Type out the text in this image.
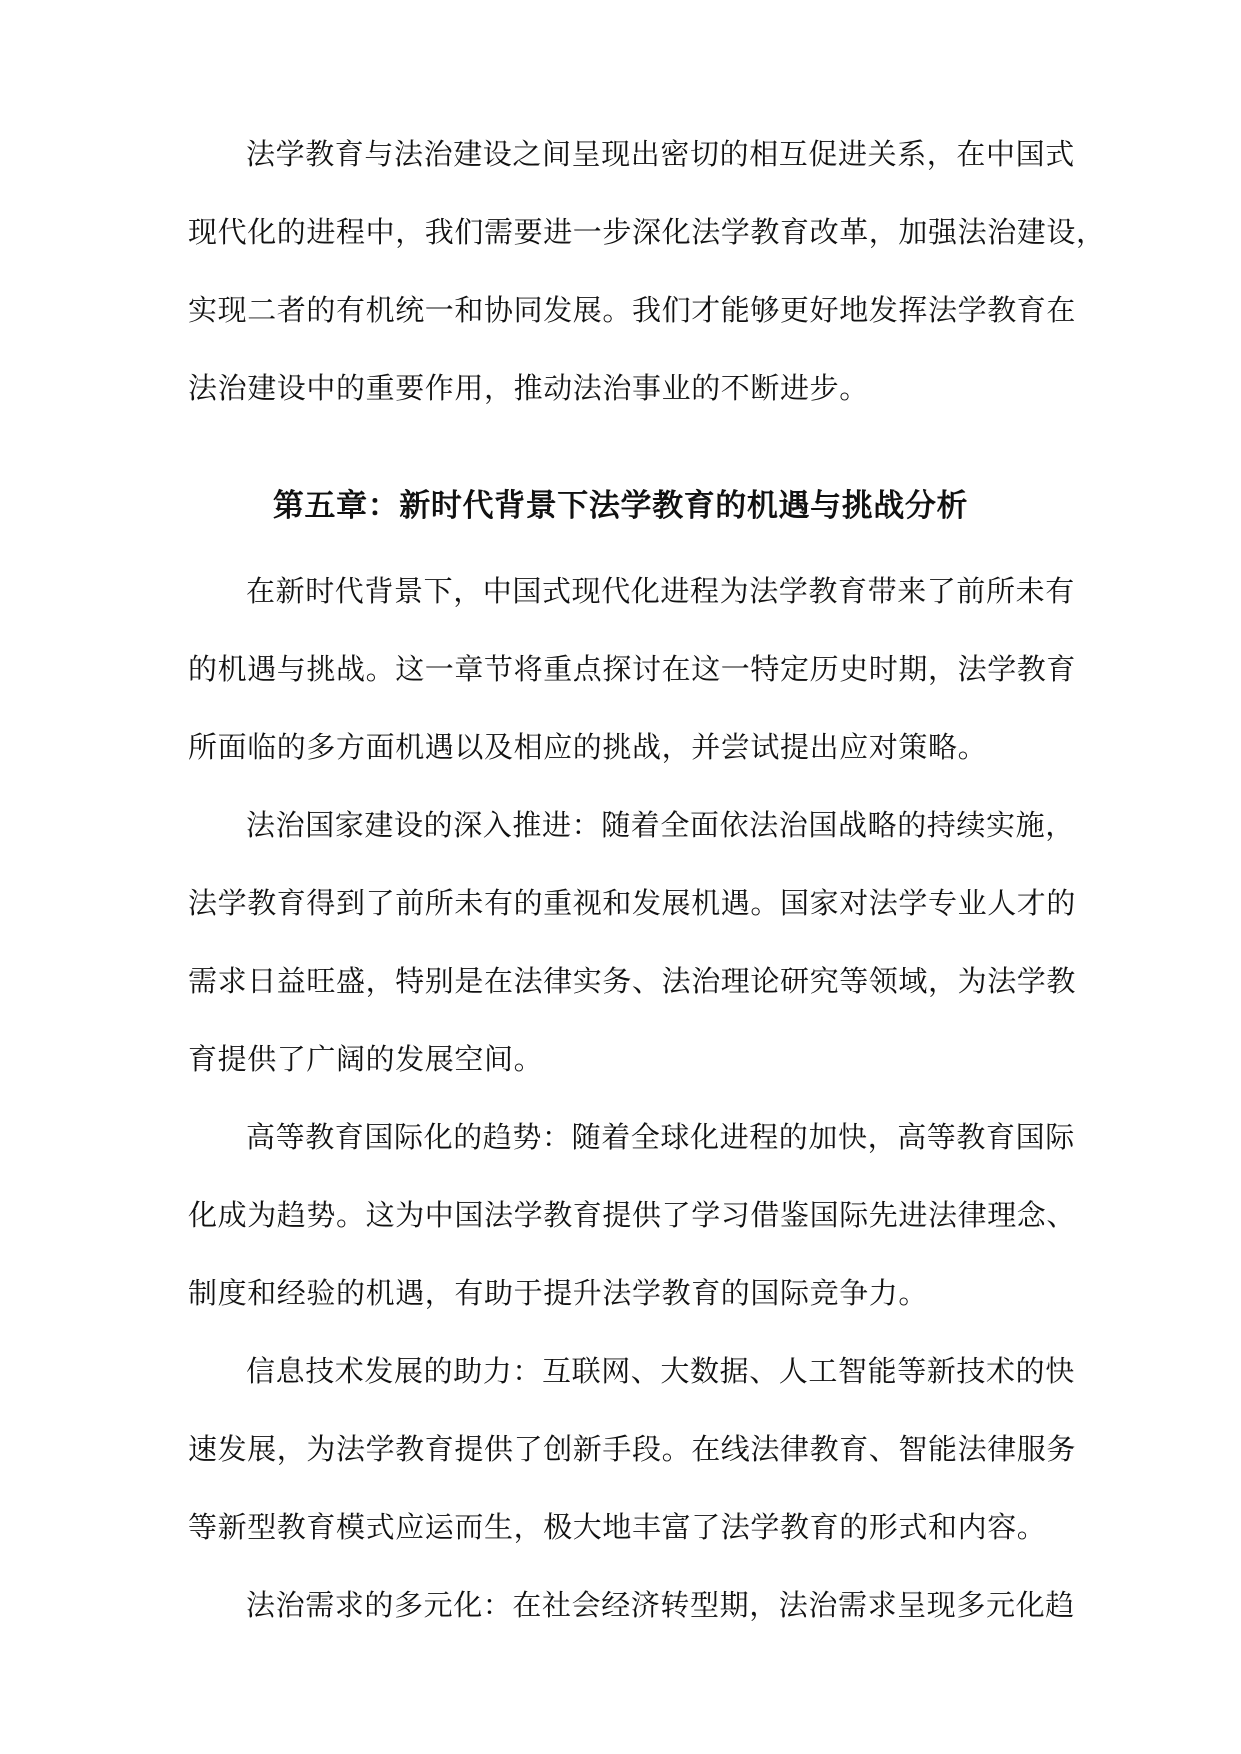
法学教育与法治建设之间呈现出密切的相互促进关系，在中国式
现代化的进程中，我们需要进一步深化法学教育改革，加强法治建设，
实现二者的有机统一和协同发展。我们才能够更好地发挥法学教育在
法治建设中的重要作用，推动法治事业的不断进步。
第五章：新时代背景下法学教育的机遇与挑战分析
在新时代背景下，中国式现代化进程为法学教育带来了前所未有
的机遇与挑战。这一章节将重点探讨在这一特定历史时期，法学教育
所面临的多方面机遇以及相应的挑战，并尝试提出应对策略。
法治国家建设的深入推进：随着全面依法治国战略的持续实施，
法学教育得到了前所未有的重视和发展机遇。国家对法学专业人才的
需求日益旺盛，特别是在法律实务、法治理论研究等领域，为法学教
育提供了广阔的发展空间。
高等教育国际化的趋势：随着全球化进程的加快，高等教育国际
化成为趋势。这为中国法学教育提供了学习借鉴国际先进法律理念、
制度和经验的机遇，有助于提升法学教育的国际竞争力。
信息技术发展的助力：互联网、大数据、人工智能等新技术的快
速发展，为法学教育提供了创新手段。在线法律教育、智能法律服务
等新型教育模式应运而生，极大地丰富了法学教育的形式和内容。
法治需求的多元化：在社会经济转型期，法治需求呈现多元化趋
